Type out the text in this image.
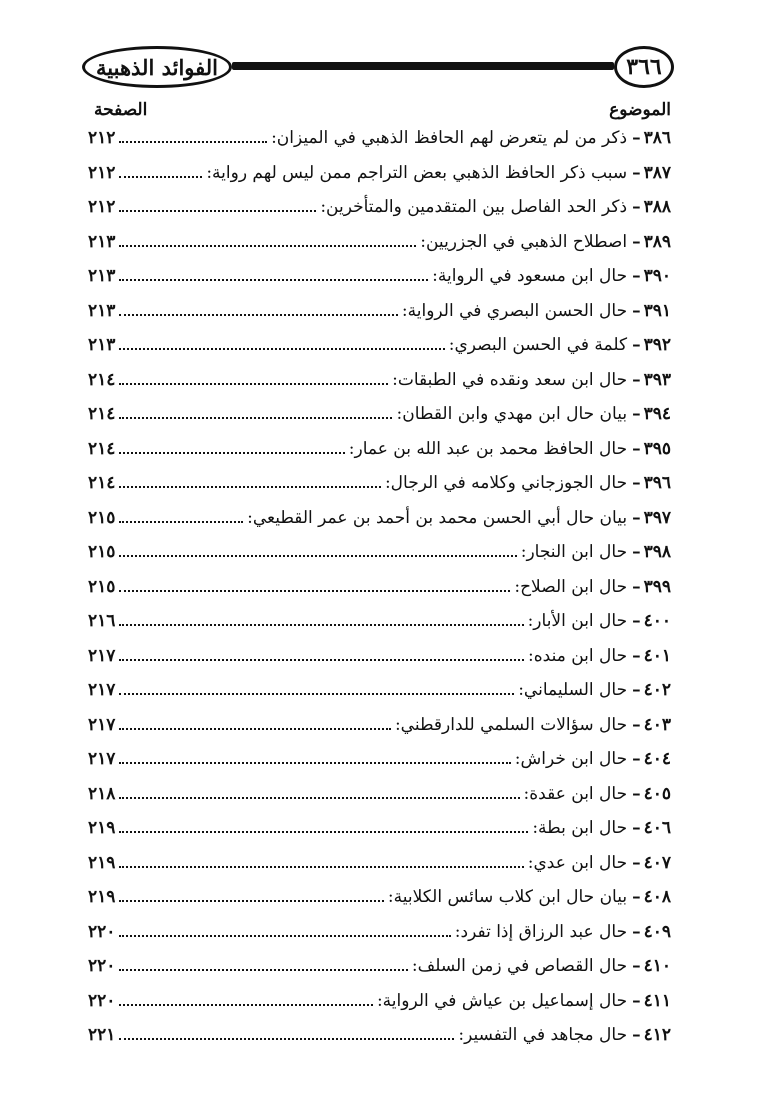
الفوائد الذهبية	٣٦٦
الموضوع
الصفحة
٣٨٦
–
ذكر من لم يتعرض لهم الحافظ الذهبي في الميزان:
٢١٢
٣٨٧
–
سبب ذكر الحافظ الذهبي بعض التراجم ممن ليس لهم رواية:
٢١٢
٣٨٨
–
ذكر الحد الفاصل بين المتقدمين والمتأخرين:
٢١٢
٣٨٩
–
اصطلاح الذهبي في الجزريين:
٢١٣
٣٩٠
–
حال ابن مسعود في الرواية:
٢١٣
٣٩١
–
حال الحسن البصري في الرواية:
٢١٣
٣٩٢
–
كلمة في الحسن البصري:
٢١٣
٣٩٣
–
حال ابن سعد ونقده في الطبقات:
٢١٤
٣٩٤
–
بيان حال ابن مهدي وابن القطان:
٢١٤
٣٩٥
–
حال الحافظ محمد بن عبد الله بن عمار:
٢١٤
٣٩٦
–
حال الجوزجاني وكلامه في الرجال:
٢١٤
٣٩٧
–
بيان حال أبي الحسن محمد بن أحمد بن عمر القطيعي:
٢١٥
٣٩٨
–
حال ابن النجار:
٢١٥
٣٩٩
–
حال ابن الصلاح:
٢١٥
٤٠٠
–
حال ابن الأبار:
٢١٦
٤٠١
–
حال ابن منده:
٢١٧
٤٠٢
–
حال السليماني:
٢١٧
٤٠٣
–
حال سؤالات السلمي للدارقطني:
٢١٧
٤٠٤
–
حال ابن خراش:
٢١٧
٤٠٥
–
حال ابن عقدة:
٢١٨
٤٠٦
–
حال ابن بطة:
٢١٩
٤٠٧
–
حال ابن عدي:
٢١٩
٤٠٨
–
بيان حال ابن كلاب سائس الكلابية:
٢١٩
٤٠٩
–
حال عبد الرزاق إذا تفرد:
٢٢٠
٤١٠
–
حال القصاص في زمن السلف:
٢٢٠
٤١١
–
حال إسماعيل بن عياش في الرواية:
٢٢٠
٤١٢
–
حال مجاهد في التفسير:
٢٢١
